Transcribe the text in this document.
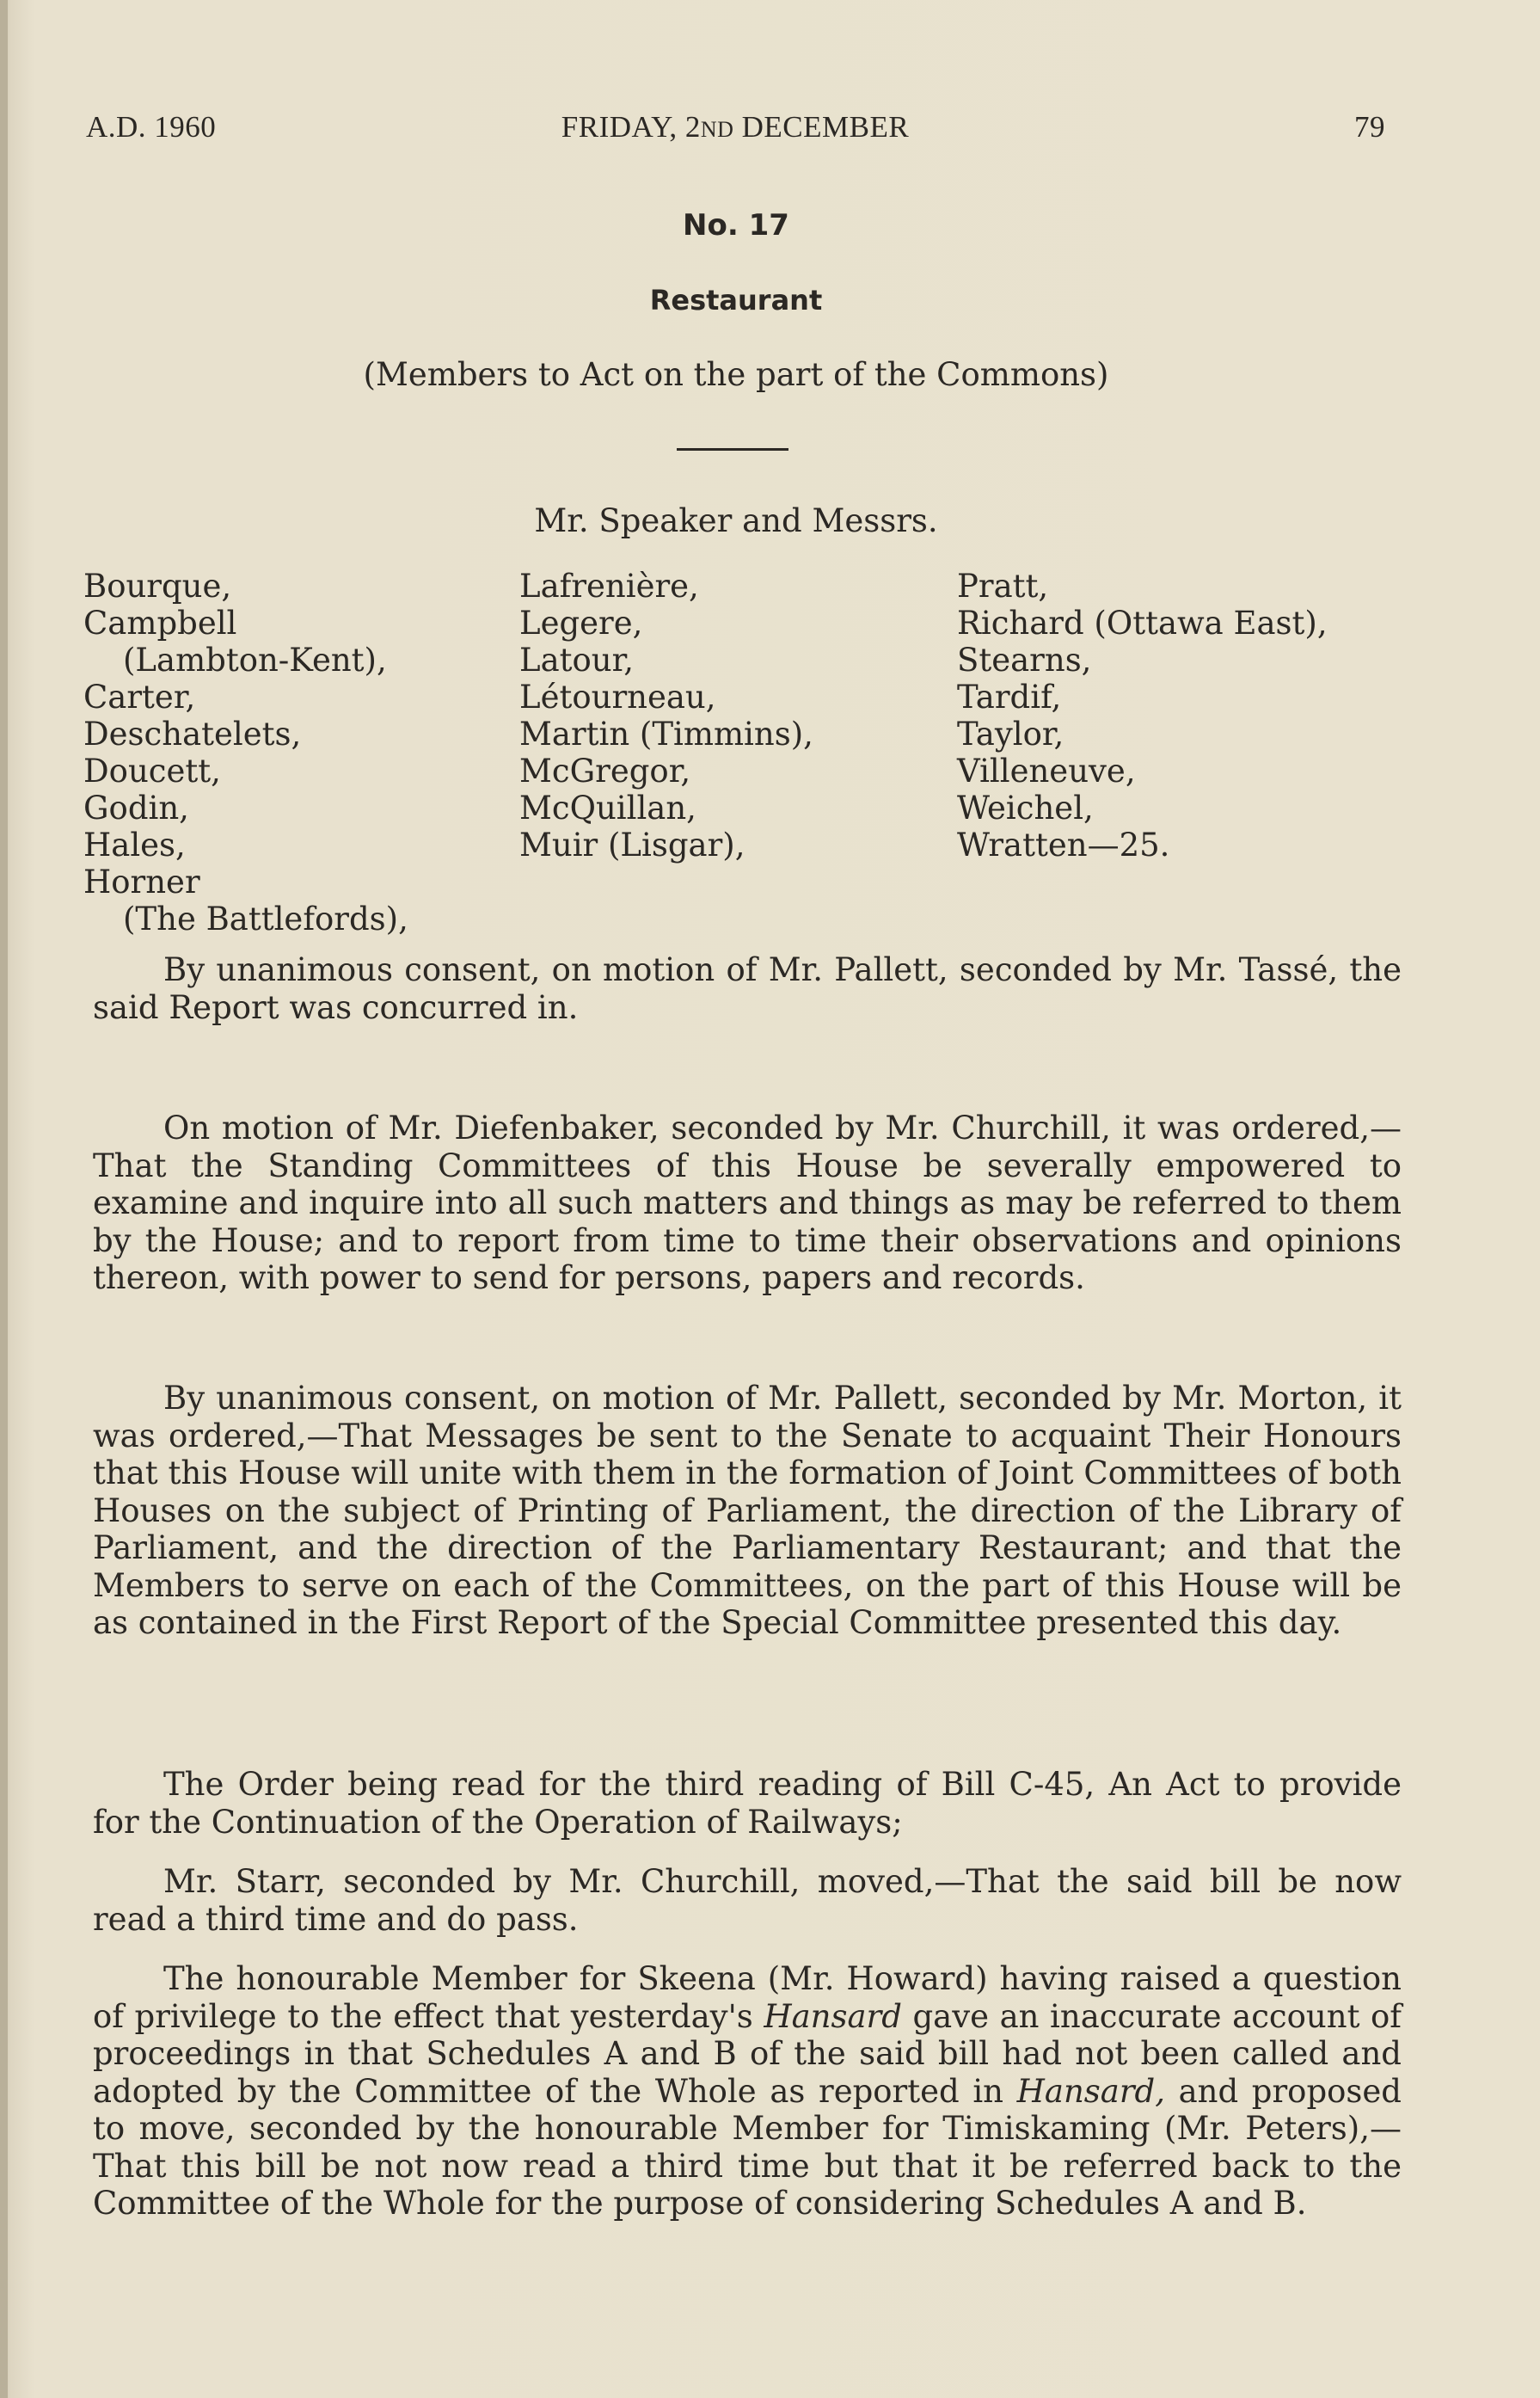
A.D. 1960	FRIDAY, 2ND DECEMBER	79
No. 17
Restaurant
(Members to Act on the part of the Commons)
Mr. Speaker and Messrs.
Bourque,
Campbell
(Lambton-Kent),
Carter,
Deschatelets,
Doucett,
Godin,
Hales,
Horner
(The Battlefords),
Lafrenière,
Legere,
Latour,
Létourneau,
Martin (Timmins),
McGregor,
McQuillan,
Muir (Lisgar),
Pratt,
Richard (Ottawa East),
Stearns,
Tardif,
Taylor,
Villeneuve,
Weichel,
Wratten—25.

By unanimous consent, on motion of Mr. Pallett, seconded by Mr. Tassé, the said Report was concurred in.

On motion of Mr. Diefenbaker, seconded by Mr. Churchill, it was ordered,—That the Standing Committees of this House be severally empowered to examine and inquire into all such matters and things as may be referred to them by the House; and to report from time to time their observations and opinions thereon, with power to send for persons, papers and records.

By unanimous consent, on motion of Mr. Pallett, seconded by Mr. Morton, it was ordered,—That Messages be sent to the Senate to acquaint Their Honours that this House will unite with them in the formation of Joint Committees of both Houses on the subject of Printing of Parliament, the direction of the Library of Parliament, and the direction of the Parliamentary Restaurant; and that the Members to serve on each of the Committees, on the part of this House will be as contained in the First Report of the Special Committee presented this day.

The Order being read for the third reading of Bill C-45, An Act to provide for the Continuation of the Operation of Railways;

Mr. Starr, seconded by Mr. Churchill, moved,—That the said bill be now read a third time and do pass.

The honourable Member for Skeena (Mr. Howard) having raised a question of privilege to the effect that yesterday's Hansard gave an inaccurate account of proceedings in that Schedules A and B of the said bill had not been called and adopted by the Committee of the Whole as reported in Hansard, and proposed to move, seconded by the honourable Member for Timiskaming (Mr. Peters),—That this bill be not now read a third time but that it be referred back to the Committee of the Whole for the purpose of considering Schedules A and B.
